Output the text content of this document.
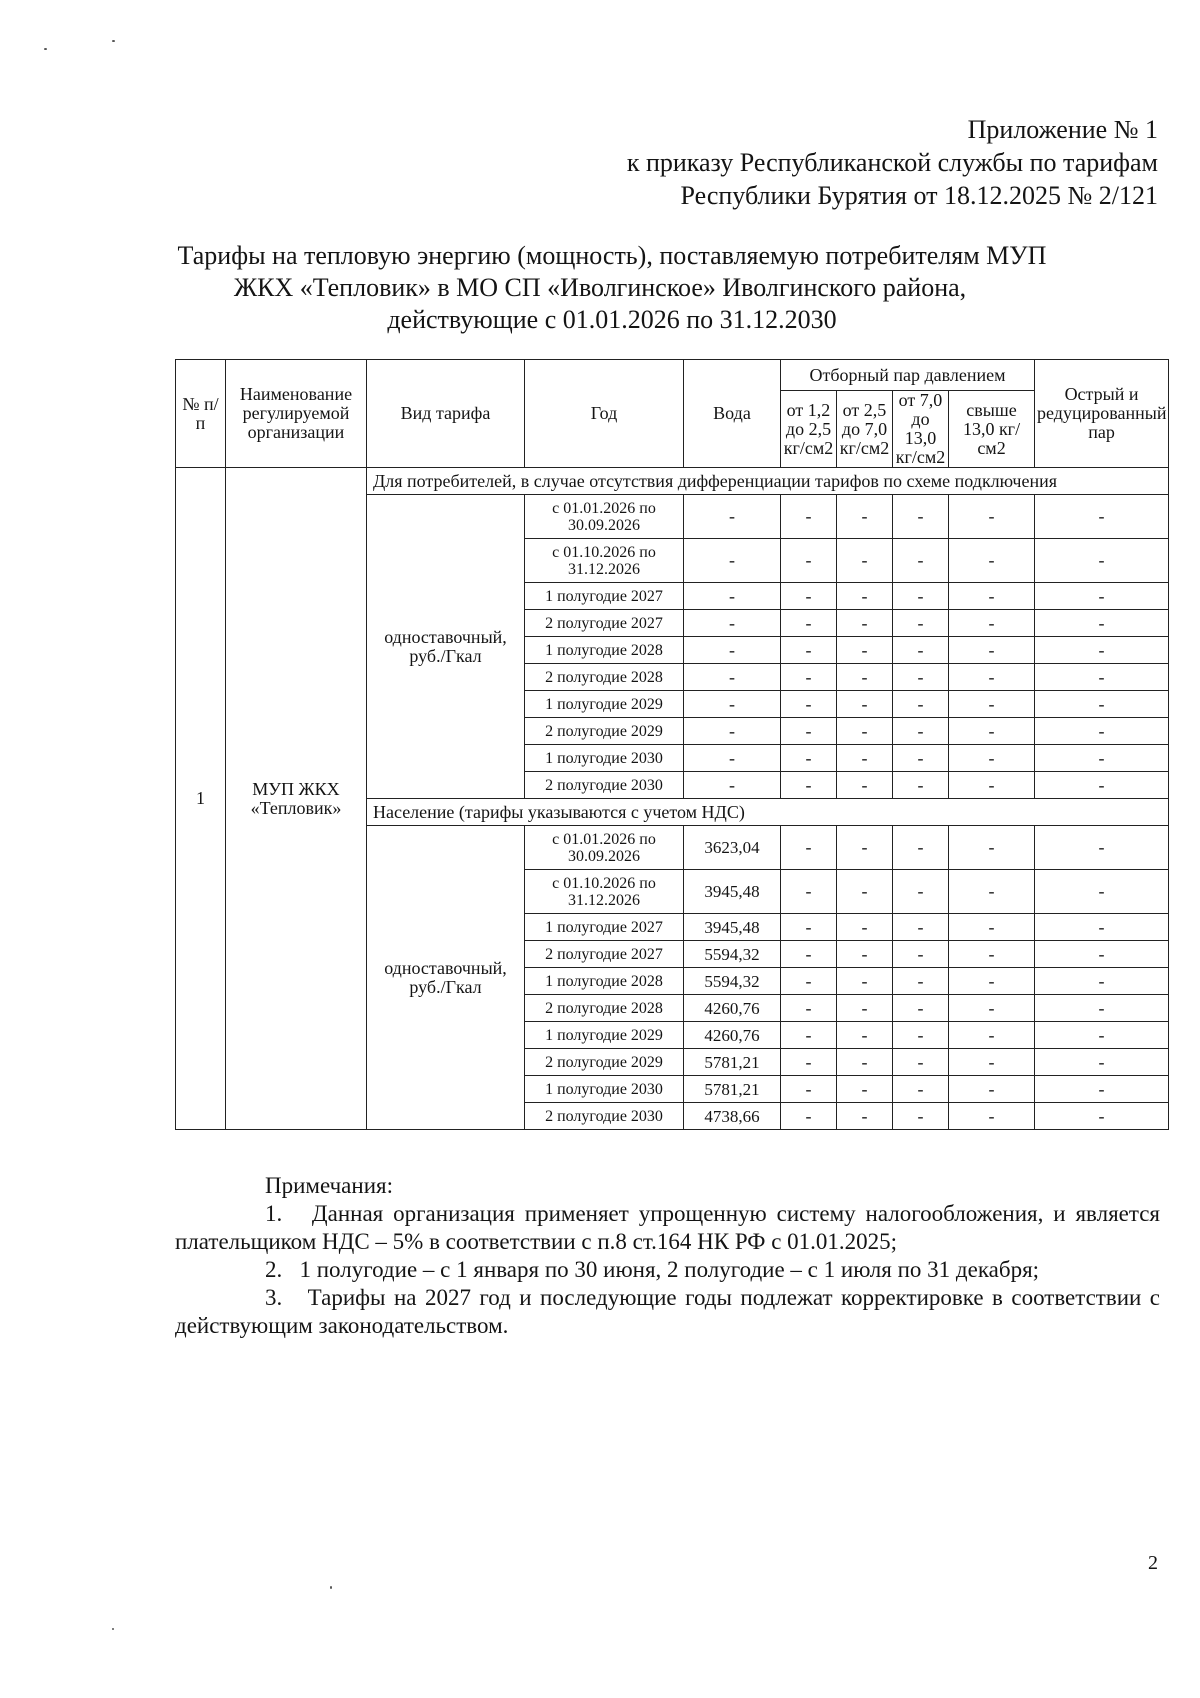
Приложение № 1
к приказу Республиканской службы по тарифам
Республики Бурятия от 18.12.2025 № 2/121
Тарифы на тепловую энергию (мощность), поставляемую потребителям МУП
ЖКХ «Тепловик» в МО СП «Иволгинское» Иволгинского района,
действующие с 01.01.2026 по 31.12.2030
№ п/п	Наименование регулируемой организации	Вид тарифа	Год	Вода	Отборный пар давлением				Острый и редуцированный пар
					от 1,2 до 2,5 кг/см2	от 2,5 до 7,0 кг/см2	от 7,0 до 13,0 кг/см2	свыше 13,0 кг/см2	
1	МУП ЖКХ «Тепловик»	Для потребителей, в случае отсутствия дифференциации тарифов по схеме подключения							
		одноставочный, руб./Гкал	с 01.01.2026 по 30.09.2026	-	-	-	-	-	-
			с 01.10.2026 по 31.12.2026	-	-	-	-	-	-
			1 полугодие 2027	-	-	-	-	-	-
			2 полугодие 2027	-	-	-	-	-	-
			1 полугодие 2028	-	-	-	-	-	-
			2 полугодие 2028	-	-	-	-	-	-
			1 полугодие 2029	-	-	-	-	-	-
			2 полугодие 2029	-	-	-	-	-	-
			1 полугодие 2030	-	-	-	-	-	-
			2 полугодие 2030	-	-	-	-	-	-
		Население (тарифы указываются с учетом НДС)							
		одноставочный, руб./Гкал	с 01.01.2026 по 30.09.2026	3623,04	-	-	-	-	-
			с 01.10.2026 по 31.12.2026	3945,48	-	-	-	-	-
			1 полугодие 2027	3945,48	-	-	-	-	-
			2 полугодие 2027	5594,32	-	-	-	-	-
			1 полугодие 2028	5594,32	-	-	-	-	-
			2 полугодие 2028	4260,76	-	-	-	-	-
			1 полугодие 2029	4260,76	-	-	-	-	-
			2 полугодие 2029	5781,21	-	-	-	-	-
			1 полугодие 2030	5781,21	-	-	-	-	-
			2 полугодие 2030	4738,66	-	-	-	-	-

Примечания:

1.   Данная организация применяет упрощенную систему налогообложения, и является плательщиком НДС – 5% в соответствии с п.8 ст.164 НК РФ с 01.01.2025;

2.   1 полугодие – с 1 января по 30 июня, 2 полугодие – с 1 июля по 31 декабря;

3.   Тарифы на 2027 год и последующие годы подлежат корректировке в соответствии с действующим законодательством.

2
